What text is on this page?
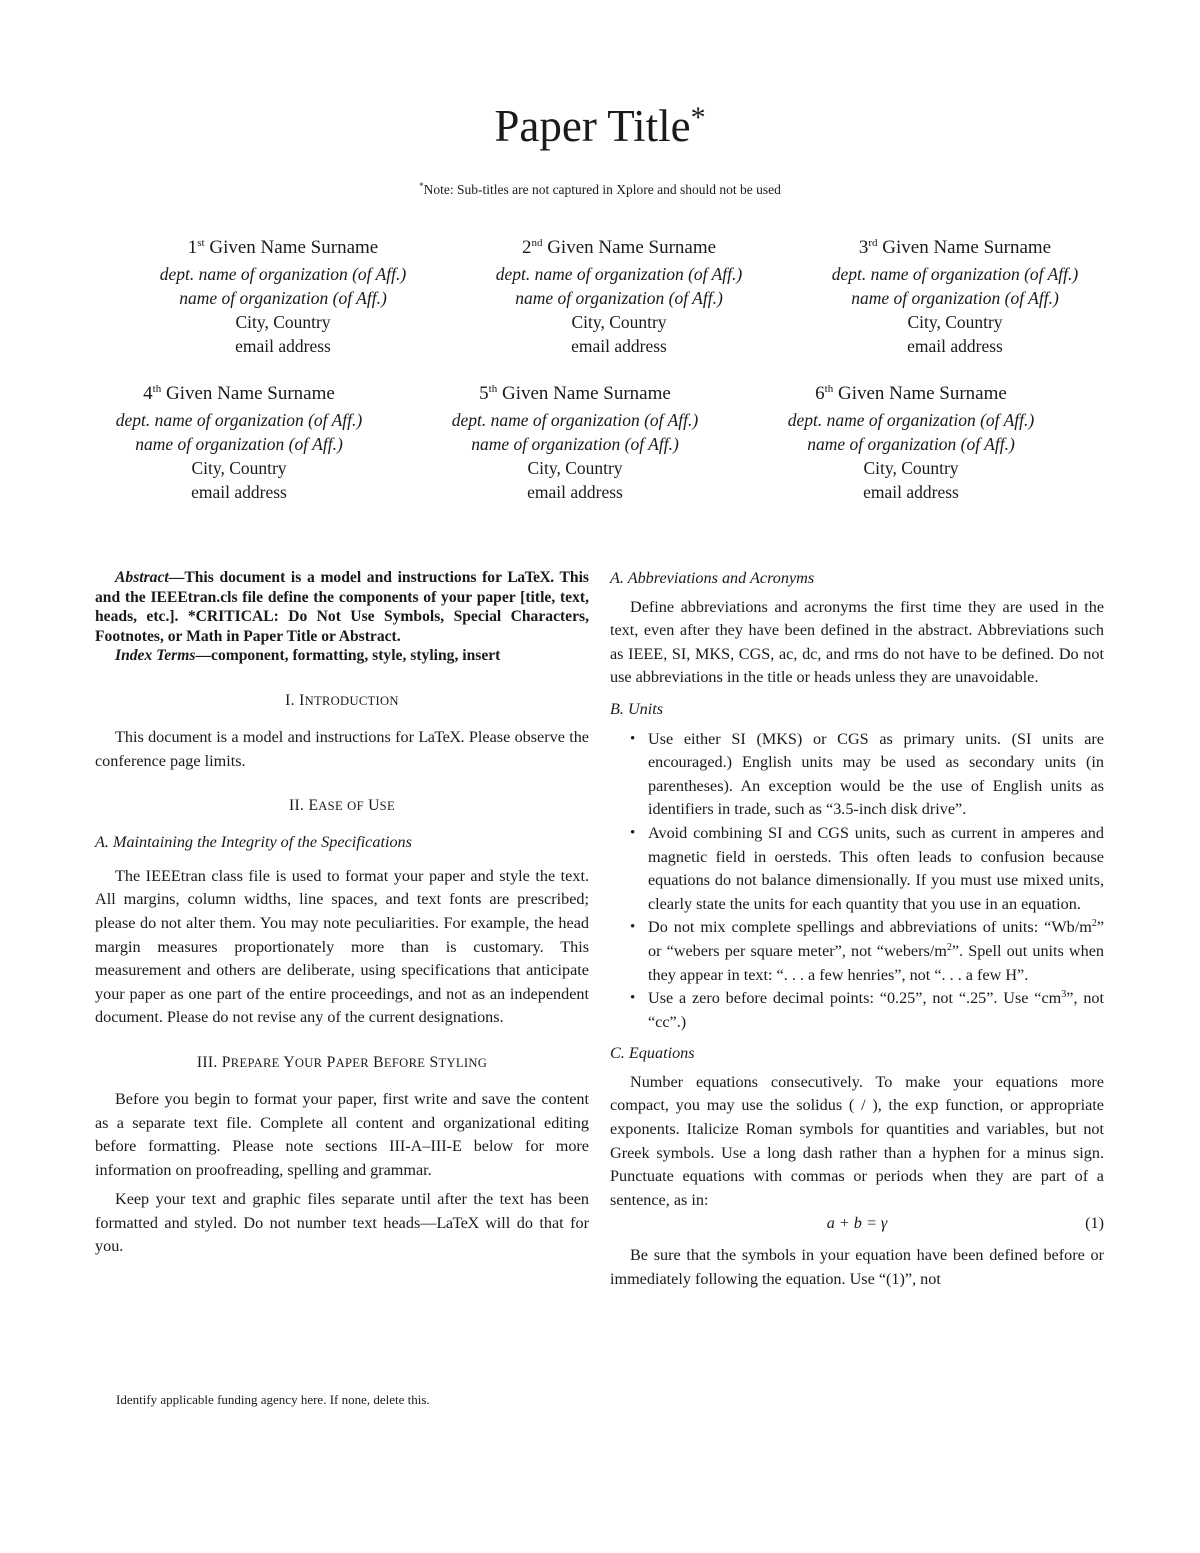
Paper Title*
*Note: Sub-titles are not captured in Xplore and should not be used
1st Given Name Surname
dept. name of organization (of Aff.)
name of organization (of Aff.)
City, Country
email address
2nd Given Name Surname
dept. name of organization (of Aff.)
name of organization (of Aff.)
City, Country
email address
3rd Given Name Surname
dept. name of organization (of Aff.)
name of organization (of Aff.)
City, Country
email address
4th Given Name Surname
dept. name of organization (of Aff.)
name of organization (of Aff.)
City, Country
email address
5th Given Name Surname
dept. name of organization (of Aff.)
name of organization (of Aff.)
City, Country
email address
6th Given Name Surname
dept. name of organization (of Aff.)
name of organization (of Aff.)
City, Country
email address

Abstract—This document is a model and instructions for LaTeX. This and the IEEEtran.cls file define the components of your paper [title, text, heads, etc.]. *CRITICAL: Do Not Use Symbols, Special Characters, Footnotes, or Math in Paper Title or Abstract.

Index Terms—component, formatting, style, styling, insert

I. INTRODUCTION

This document is a model and instructions for LaTeX. Please observe the conference page limits.

II. EASE OF USE

A. Maintaining the Integrity of the Specifications

The IEEEtran class file is used to format your paper and style the text. All margins, column widths, line spaces, and text fonts are prescribed; please do not alter them. You may note peculiarities. For example, the head margin measures proportionately more than is customary. This measurement and others are deliberate, using specifications that anticipate your paper as one part of the entire proceedings, and not as an independent document. Please do not revise any of the current designations.

III. PREPARE YOUR PAPER BEFORE STYLING

Before you begin to format your paper, first write and save the content as a separate text file. Complete all content and organizational editing before formatting. Please note sections III-A–III-E below for more information on proofreading, spelling and grammar.

Keep your text and graphic files separate until after the text has been formatted and styled. Do not number text heads—LaTeX will do that for you.

Identify applicable funding agency here. If none, delete this.

A. Abbreviations and Acronyms

Define abbreviations and acronyms the first time they are used in the text, even after they have been defined in the abstract. Abbreviations such as IEEE, SI, MKS, CGS, ac, dc, and rms do not have to be defined. Do not use abbreviations in the title or heads unless they are unavoidable.

B. Units

• Use either SI (MKS) or CGS as primary units. (SI units are encouraged.) English units may be used as secondary units (in parentheses). An exception would be the use of English units as identifiers in trade, such as “3.5-inch disk drive”.
• Avoid combining SI and CGS units, such as current in amperes and magnetic field in oersteds. This often leads to confusion because equations do not balance dimensionally. If you must use mixed units, clearly state the units for each quantity that you use in an equation.
• Do not mix complete spellings and abbreviations of units: “$Wb/m^2$” or “webers per square meter”, not “$webers/m^2$”. Spell out units when they appear in text: “. . . a few henries”, not “. . . a few H”.
• Use a zero before decimal points: “0.25”, not “.25”. Use “$cm^3$”, not “cc”.)

C. Equations

Number equations consecutively. To make your equations more compact, you may use the solidus ( / ), the exp function, or appropriate exponents. Italicize Roman symbols for quantities and variables, but not Greek symbols. Use a long dash rather than a hyphen for a minus sign. Punctuate equations with commas or periods when they are part of a sentence, as in:

a + b = γ	(1)

Be sure that the symbols in your equation have been defined before or immediately following the equation. Use “(1)”, not
